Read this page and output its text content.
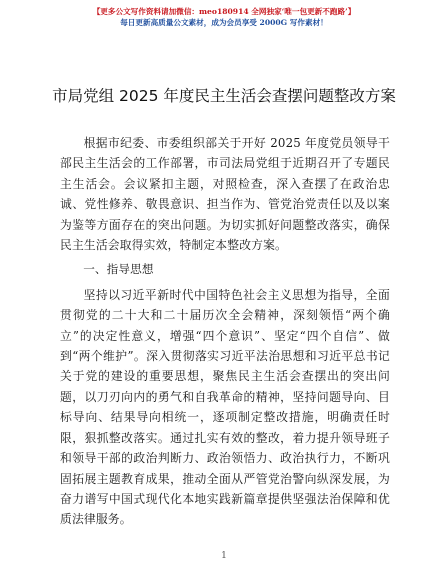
【更多公文写作资料请加微信：meo180914 全网独家‘唯一包更新不跑路’】
每日更新高质量公文素材，成为会员享受 2000G 写作素材！
市局党组 2025 年度民主生活会查摆问题整改方案

根据市纪委、市委组织部关于开好 2025 年度党员领导干部民主生活会的工作部署，市司法局党组于近期召开了专题民主生活会。会议紧扣主题，对照检查，深入查摆了在政治忠诚、党性修养、敬畏意识、担当作为、管党治党责任以及以案为鉴等方面存在的突出问题。为切实抓好问题整改落实，确保民主生活会取得实效，特制定本整改方案。

一、指导思想

坚持以习近平新时代中国特色社会主义思想为指导，全面贯彻党的二十大和二十届历次全会精神，深刻领悟“两个确立”的决定性意义，增强“四个意识”、坚定“四个自信”、做到“两个维护”。深入贯彻落实习近平法治思想和习近平总书记关于党的建设的重要思想，聚焦民主生活会查摆出的突出问题，以刀刃向内的勇气和自我革命的精神，坚持问题导向、目标导向、结果导向相统一，逐项制定整改措施，明确责任时限，狠抓整改落实。通过扎实有效的整改，着力提升领导班子和领导干部的政治判断力、政治领悟力、政治执行力，不断巩固拓展主题教育成果，推动全面从严管党治警向纵深发展，为奋力谱写中国式现代化本地实践新篇章提供坚强法治保障和优质法律服务。

1
